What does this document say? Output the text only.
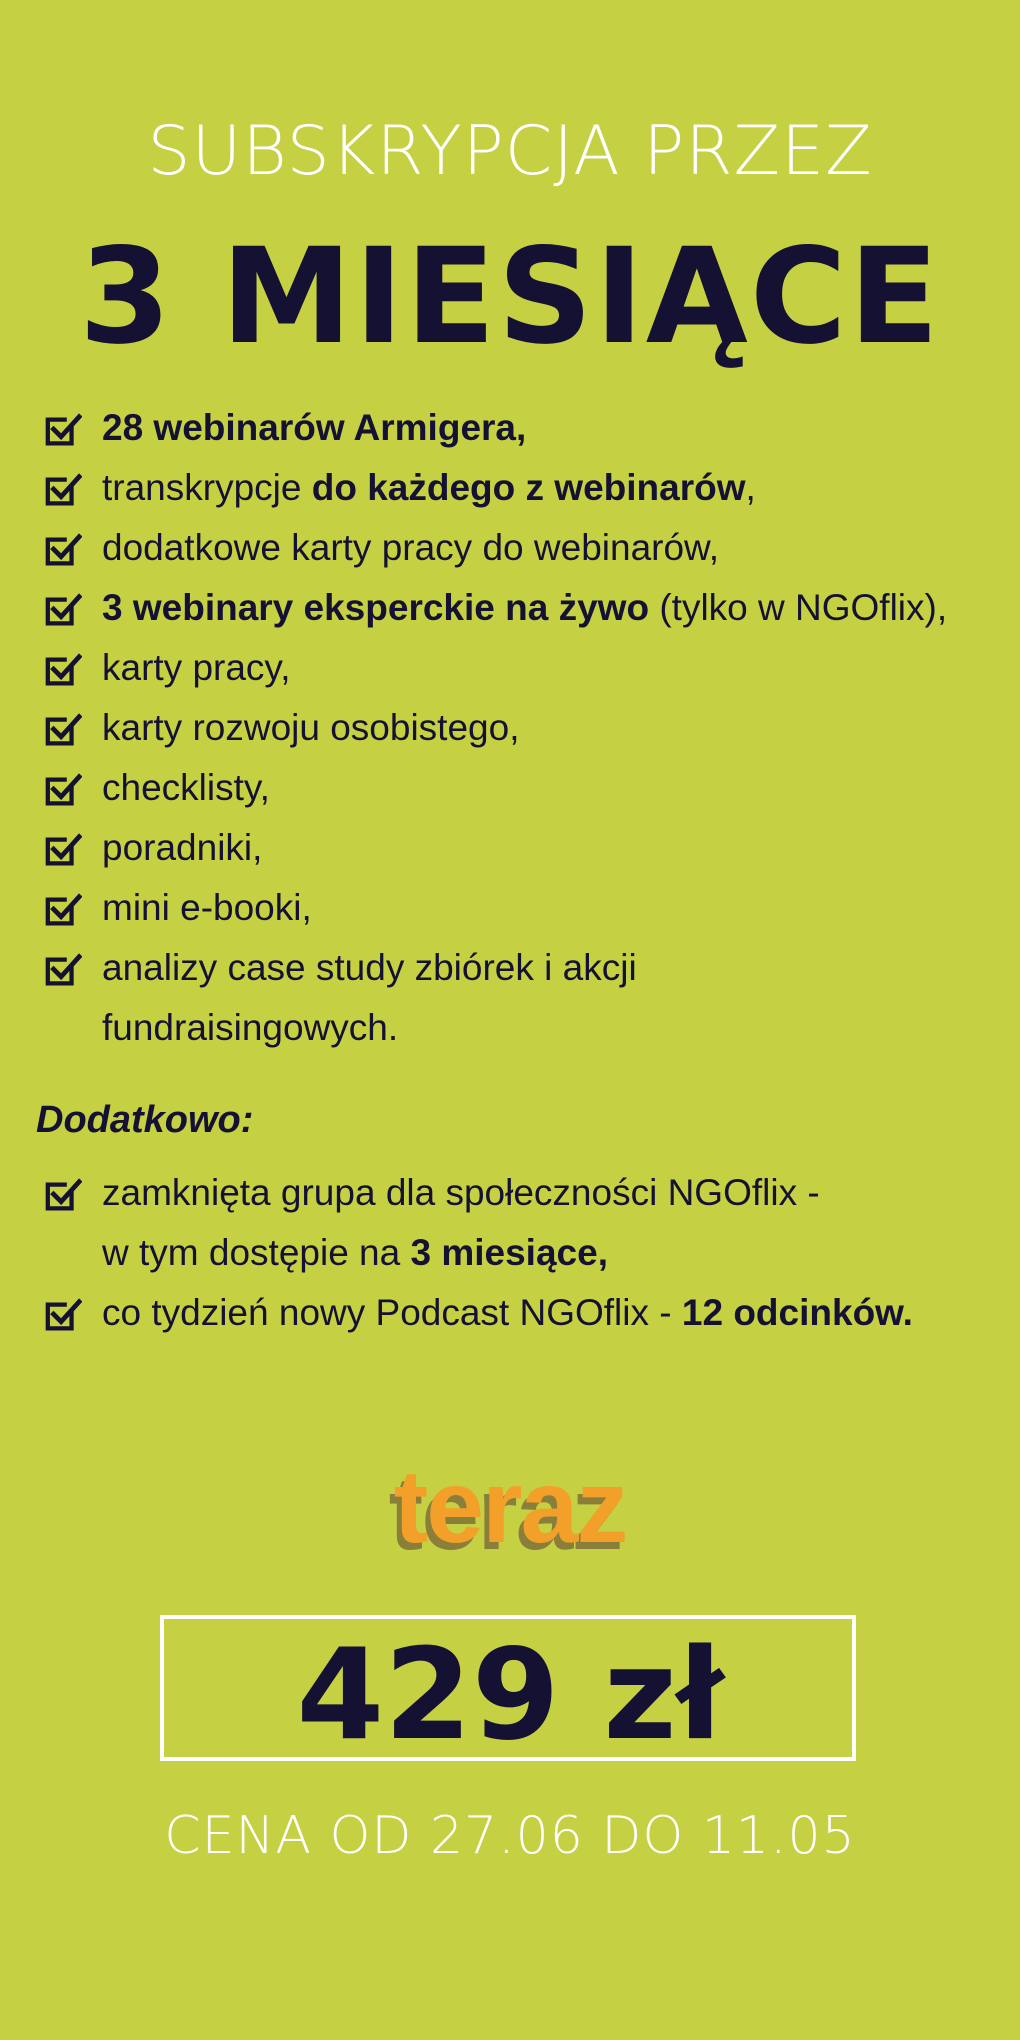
SUBSKRYPCJA PRZEZ
3 MIESIĄCE
28 webinarów Armigera,
transkrypcje do każdego z webinarów,
dodatkowe karty pracy do webinarów,
3 webinary eksperckie na żywo (tylko w NGOflix),
karty pracy,
karty rozwoju osobistego,
checklisty,
poradniki,
mini e-booki,
analizy case study zbiórek i akcji
fundraisingowych.
Dodatkowo:
zamknięta grupa dla społeczności NGOflix -
w tym dostępie na 3 miesiące,
co tydzień nowy Podcast NGOflix - 12 odcinków.
teraz
429 zł
CENA OD 27.06 DO 11.05
